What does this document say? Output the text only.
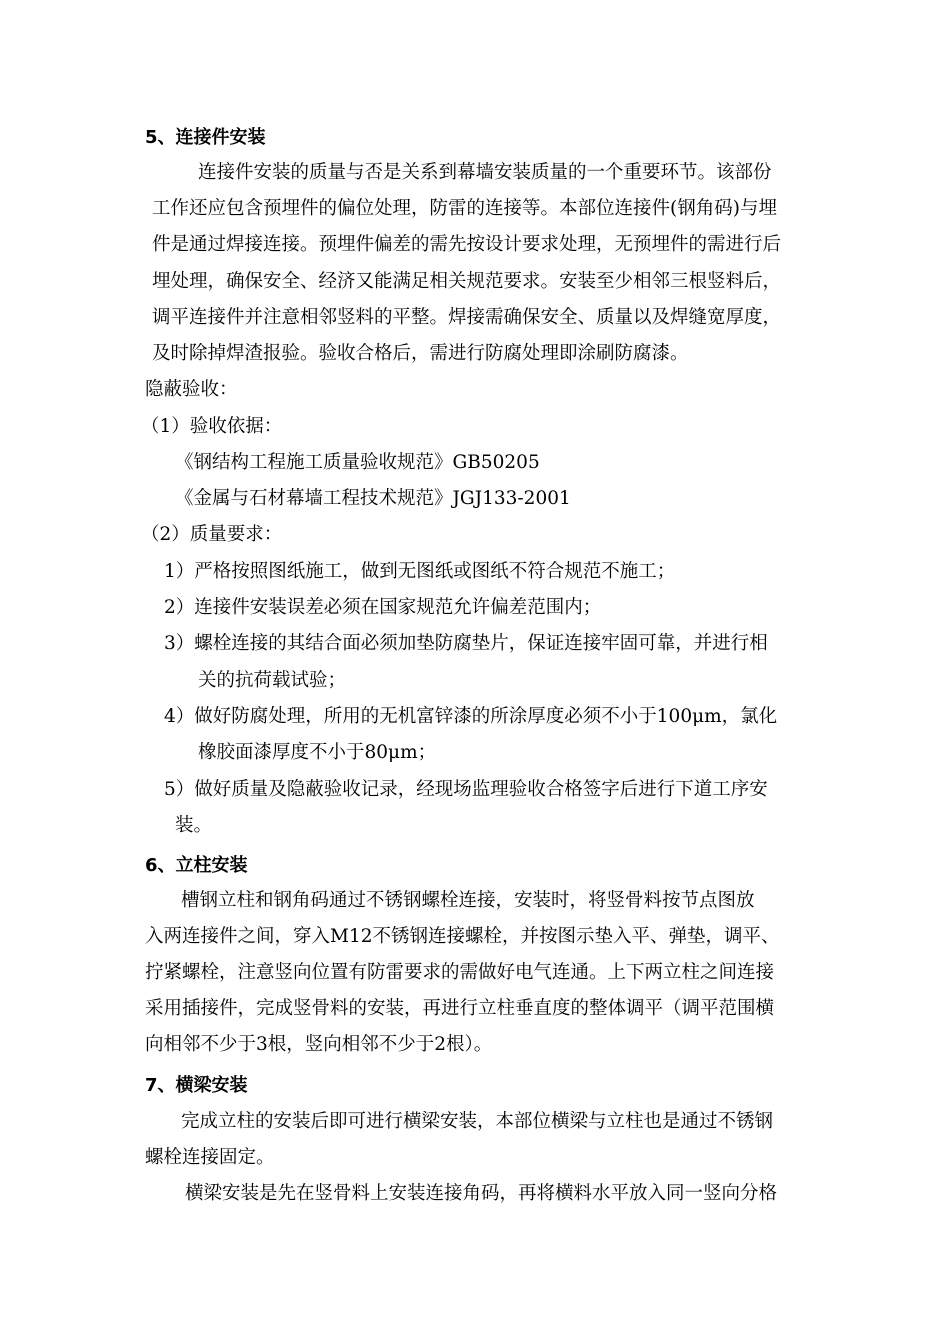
5、连接件安装
连接件安装的质量与否是关系到幕墙安装质量的一个重要环节。该部份
工作还应包含预埋件的偏位处理，防雷的连接等。本部位连接件(钢角码)与埋
件是通过焊接连接。预埋件偏差的需先按设计要求处理，无预埋件的需进行后
埋处理，确保安全、经济又能满足相关规范要求。安装至少相邻三根竖料后，
调平连接件并注意相邻竖料的平整。焊接需确保安全、质量以及焊缝宽厚度，
及时除掉焊渣报验。验收合格后，需进行防腐处理即涂刷防腐漆。
隐蔽验收：
（1）验收依据：
《钢结构工程施工质量验收规范》GB50205
《金属与石材幕墙工程技术规范》JGJ133-2001
（2）质量要求：
1）严格按照图纸施工，做到无图纸或图纸不符合规范不施工；
2）连接件安装误差必须在国家规范允许偏差范围内；
3）螺栓连接的其结合面必须加垫防腐垫片，保证连接牢固可靠，并进行相
关的抗荷载试验；
4）做好防腐处理，所用的无机富锌漆的所涂厚度必须不小于100μm，氯化
橡胶面漆厚度不小于80μm；
5）做好质量及隐蔽验收记录，经现场监理验收合格签字后进行下道工序安
装。
6、立柱安装
槽钢立柱和钢角码通过不锈钢螺栓连接，安装时，将竖骨料按节点图放
入两连接件之间，穿入M12不锈钢连接螺栓，并按图示垫入平、弹垫，调平、
拧紧螺栓，注意竖向位置有防雷要求的需做好电气连通。上下两立柱之间连接
采用插接件，完成竖骨料的安装，再进行立柱垂直度的整体调平（调平范围横
向相邻不少于3根，竖向相邻不少于2根）。
7、横梁安装
完成立柱的安装后即可进行横梁安装，本部位横梁与立柱也是通过不锈钢
螺栓连接固定。
横梁安装是先在竖骨料上安装连接角码，再将横料水平放入同一竖向分格
